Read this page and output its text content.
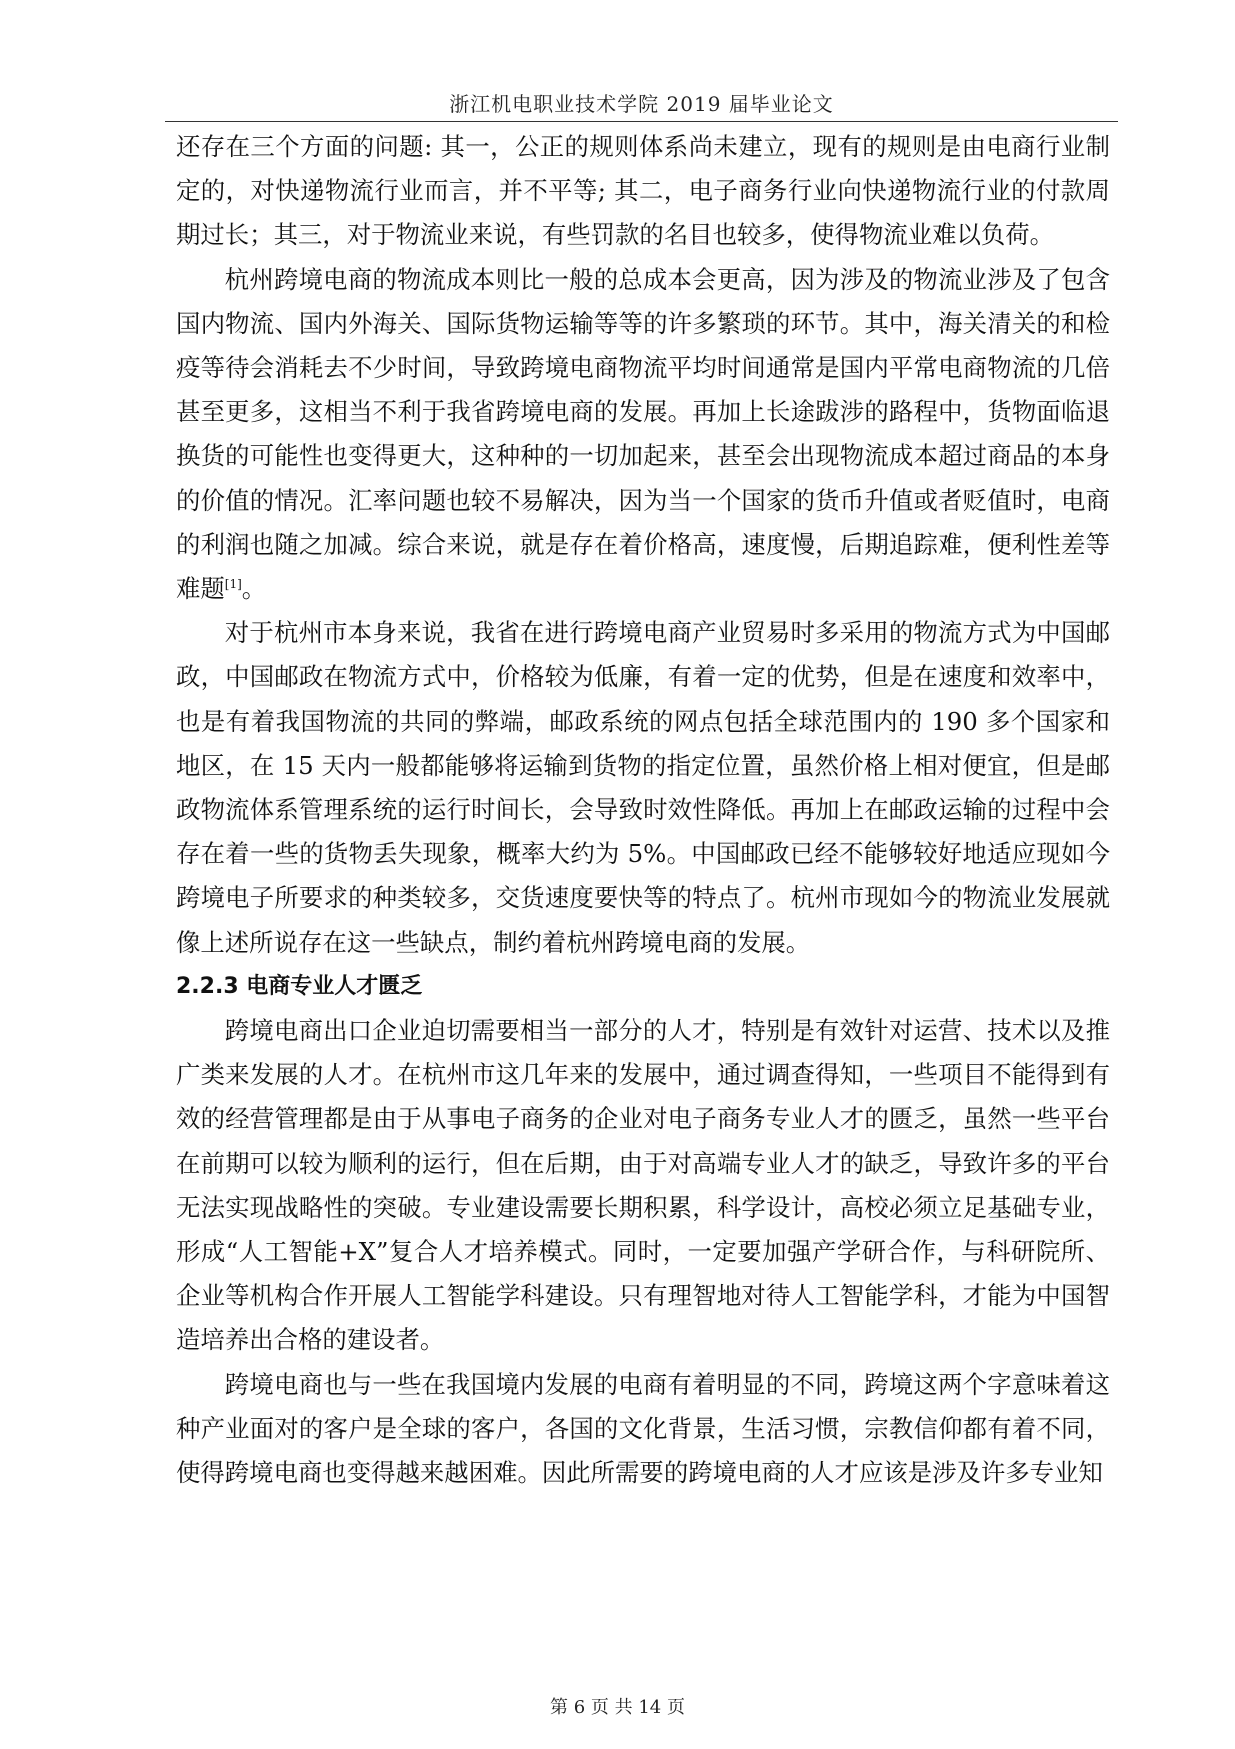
浙江机电职业技术学院 2019 届毕业论文

还存在三个方面的问题: 其一，公正的规则体系尚未建立，现有的规则是由电商行业制定的，对快递物流行业而言，并不平等; 其二，电子商务行业向快递物流行业的付款周期过长；其三，对于物流业来说，有些罚款的名目也较多，使得物流业难以负荷。

杭州跨境电商的物流成本则比一般的总成本会更高，因为涉及的物流业涉及了包含国内物流、国内外海关、国际货物运输等等的许多繁琐的环节。其中，海关清关的和检疫等待会消耗去不少时间，导致跨境电商物流平均时间通常是国内平常电商物流的几倍甚至更多，这相当不利于我省跨境电商的发展。再加上长途跋涉的路程中，货物面临退换货的可能性也变得更大，这种种的一切加起来，甚至会出现物流成本超过商品的本身的价值的情况。汇率问题也较不易解决，因为当一个国家的货币升值或者贬值时，电商的利润也随之加减。综合来说，就是存在着价格高，速度慢，后期追踪难，便利性差等难题[1]。

对于杭州市本身来说，我省在进行跨境电商产业贸易时多采用的物流方式为中国邮政，中国邮政在物流方式中，价格较为低廉，有着一定的优势，但是在速度和效率中，也是有着我国物流的共同的弊端，邮政系统的网点包括全球范围内的 190 多个国家和地区，在 15 天内一般都能够将运输到货物的指定位置，虽然价格上相对便宜，但是邮政物流体系管理系统的运行时间长，会导致时效性降低。再加上在邮政运输的过程中会存在着一些的货物丢失现象，概率大约为 5%。中国邮政已经不能够较好地适应现如今跨境电子所要求的种类较多，交货速度要快等的特点了。杭州市现如今的物流业发展就像上述所说存在这一些缺点，制约着杭州跨境电商的发展。

2.2.3 电商专业人才匮乏

跨境电商出口企业迫切需要相当一部分的人才，特别是有效针对运营、技术以及推广类来发展的人才。在杭州市这几年来的发展中，通过调查得知，一些项目不能得到有效的经营管理都是由于从事电子商务的企业对电子商务专业人才的匮乏，虽然一些平台在前期可以较为顺利的运行，但在后期，由于对高端专业人才的缺乏，导致许多的平台无法实现战略性的突破。专业建设需要长期积累，科学设计，高校必须立足基础专业，形成“人工智能+X”复合人才培养模式。同时，一定要加强产学研合作，与科研院所、企业等机构合作开展人工智能学科建设。只有理智地对待人工智能学科，才能为中国智造培养出合格的建设者。

跨境电商也与一些在我国境内发展的电商有着明显的不同，跨境这两个字意味着这种产业面对的客户是全球的客户，各国的文化背景，生活习惯，宗教信仰都有着不同，使得跨境电商也变得越来越困难。因此所需要的跨境电商的人才应该是涉及许多专业知

第 6 页 共 14 页
